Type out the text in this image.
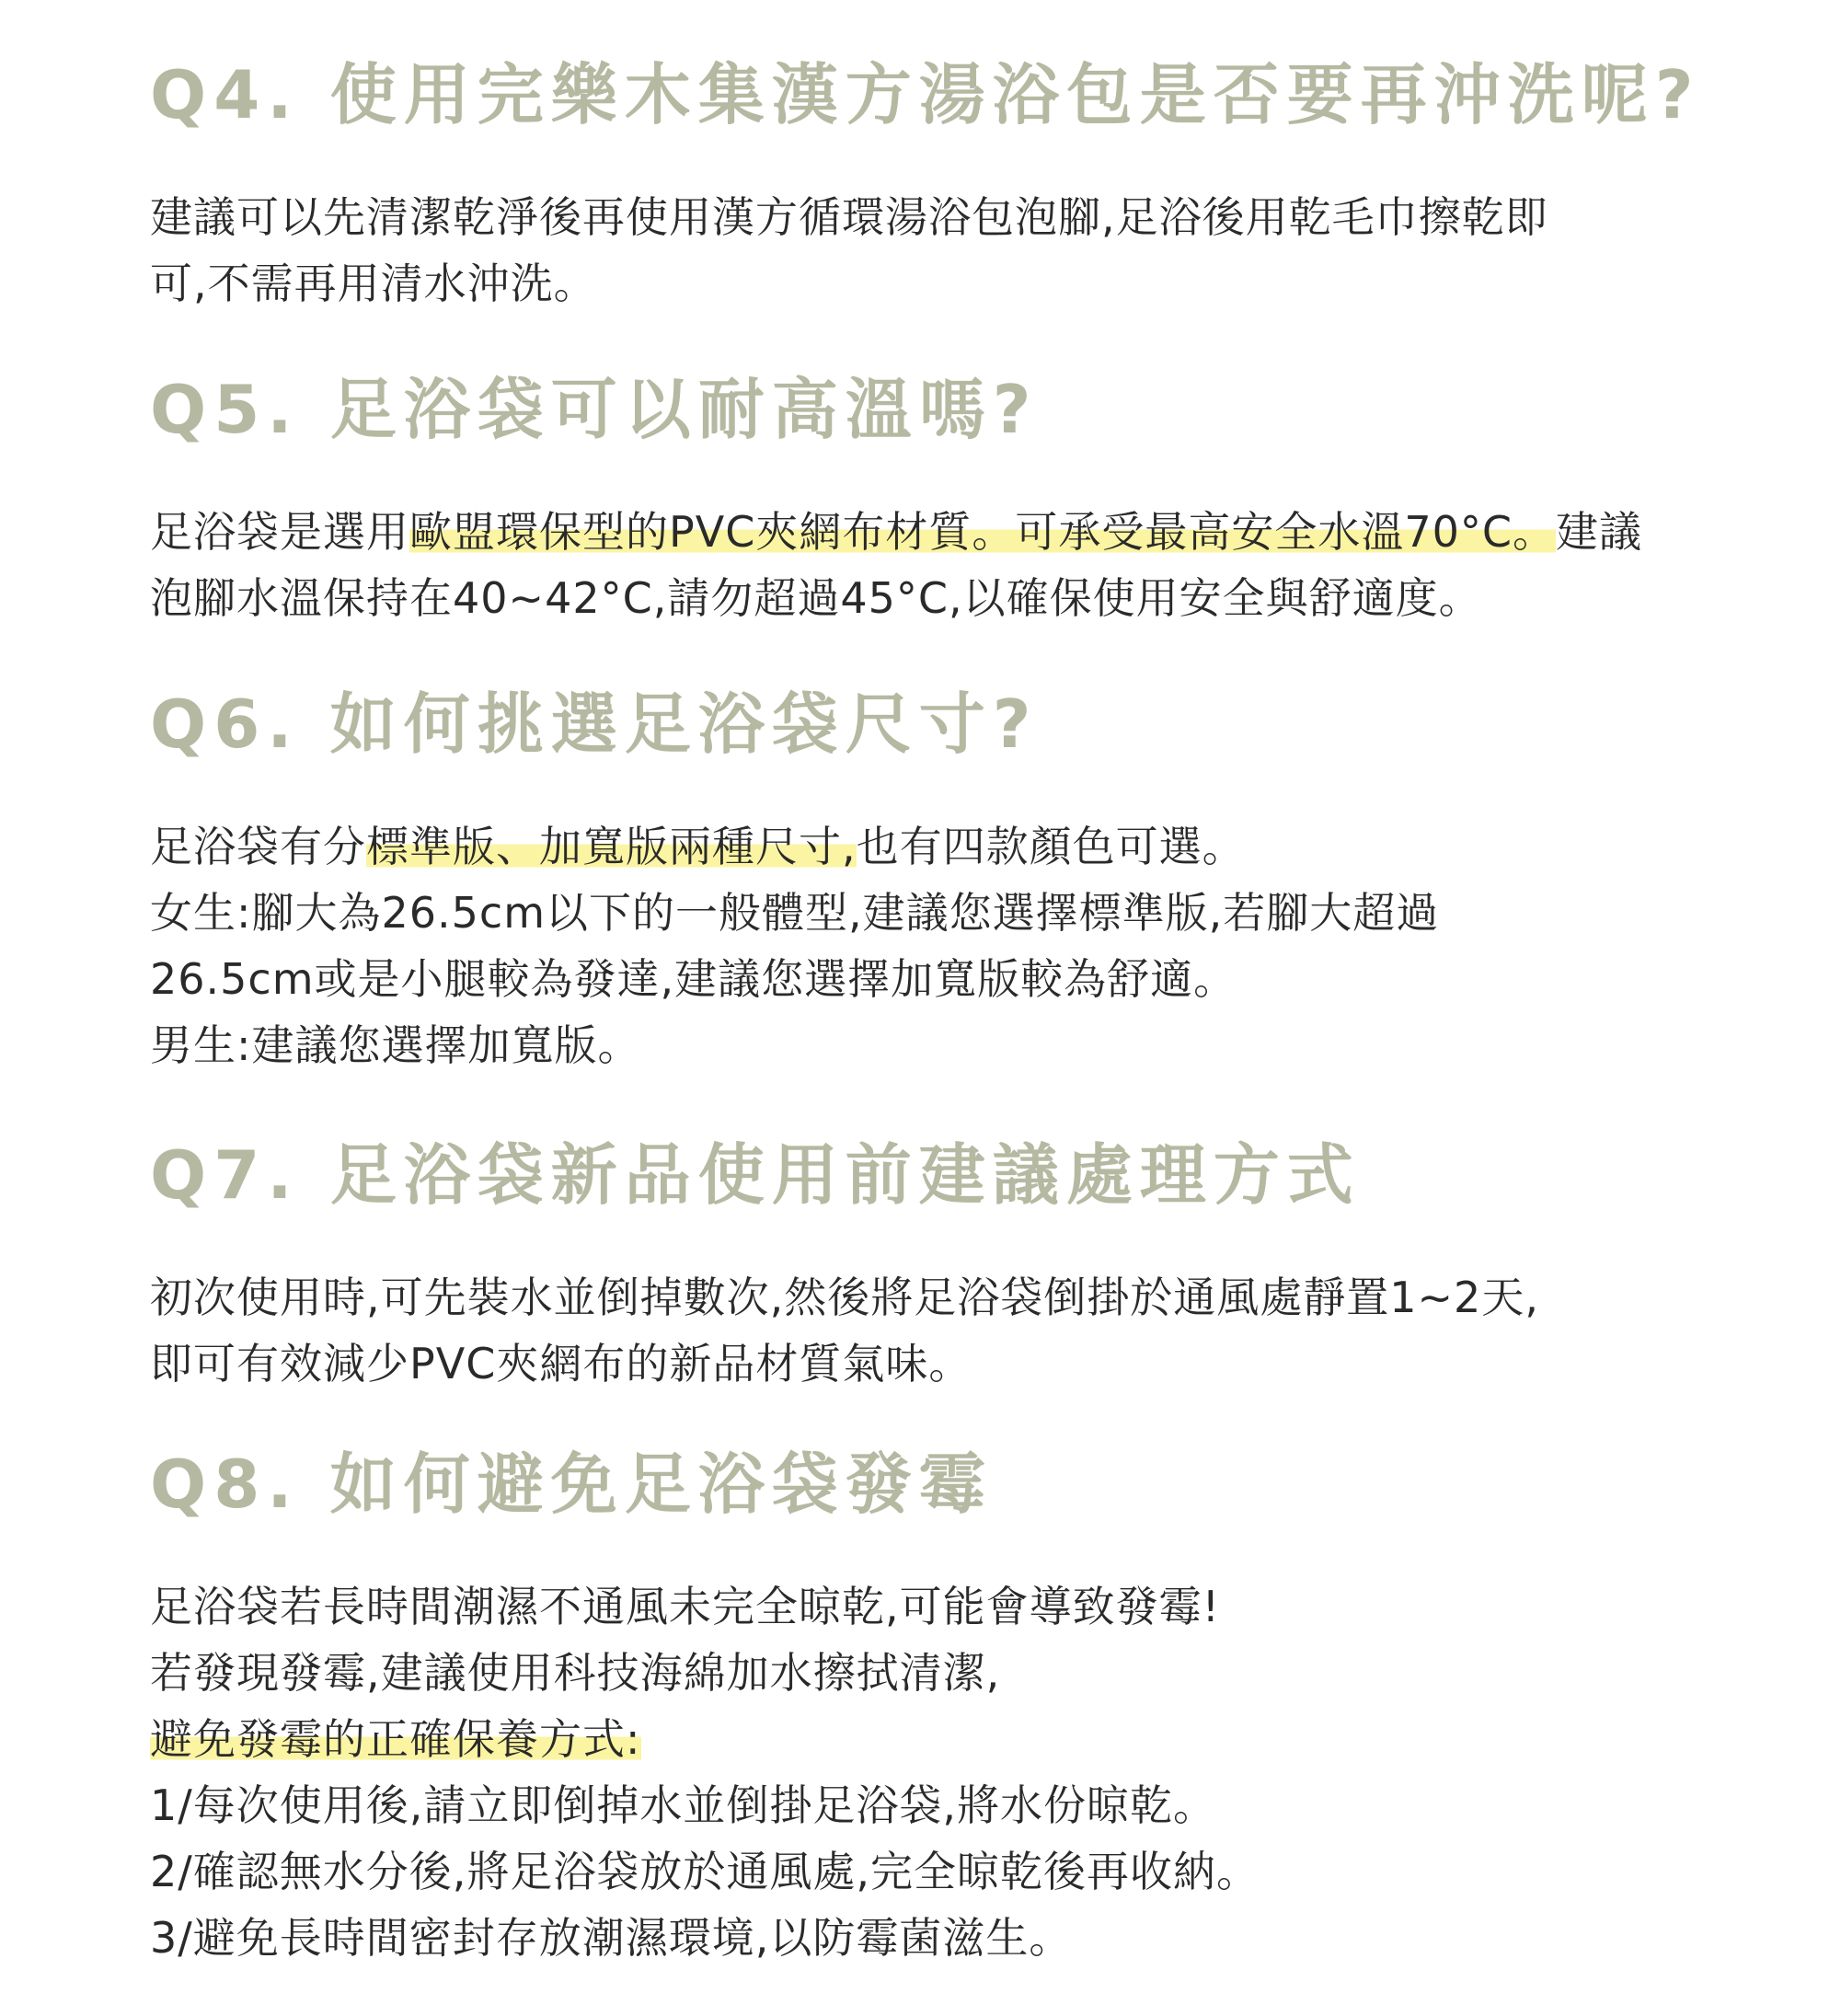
Q4. 使用完樂木集漢方湯浴包是否要再沖洗呢?

建議可以先清潔乾淨後再使用漢方循環湯浴包泡腳,足浴後用乾毛巾擦乾即
可,不需再用清水沖洗。

Q5. 足浴袋可以耐高溫嗎?

足浴袋是選用歐盟環保型的PVC夾網布材質。可承受最高安全水溫70°C。建議
泡腳水溫保持在40~42°C,請勿超過45°C,以確保使用安全與舒適度。

Q6. 如何挑選足浴袋尺寸?

足浴袋有分標準版、加寬版兩種尺寸,也有四款顏色可選。
女生:腳大為26.5cm以下的一般體型,建議您選擇標準版,若腳大超過
26.5cm或是小腿較為發達,建議您選擇加寬版較為舒適。
男生:建議您選擇加寬版。

Q7. 足浴袋新品使用前建議處理方式

初次使用時,可先裝水並倒掉數次,然後將足浴袋倒掛於通風處靜置1~2天,
即可有效減少PVC夾網布的新品材質氣味。

Q8. 如何避免足浴袋發霉

足浴袋若長時間潮濕不通風未完全晾乾,可能會導致發霉!
若發現發霉,建議使用科技海綿加水擦拭清潔,
避免發霉的正確保養方式:
1/每次使用後,請立即倒掉水並倒掛足浴袋,將水份晾乾。
2/確認無水分後,將足浴袋放於通風處,完全晾乾後再收納。
3/避免長時間密封存放潮濕環境,以防霉菌滋生。
